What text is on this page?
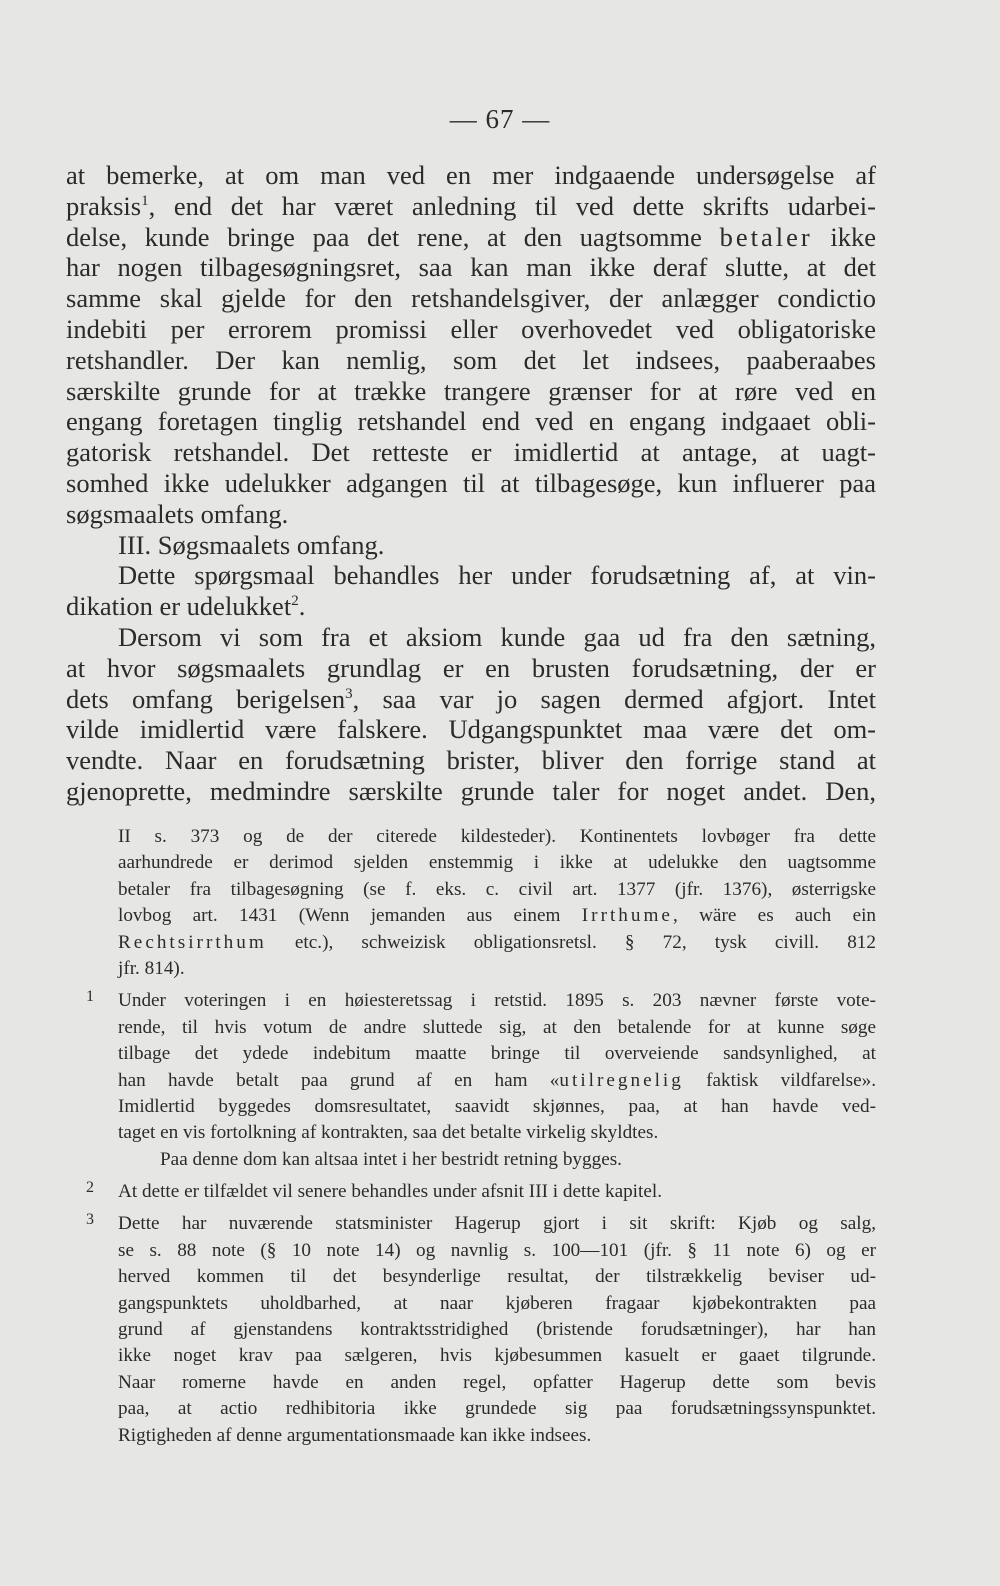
— 67 —
at bemerke, at om man ved en mer indgaaende undersøgelse af
praksis$^1$, end det har været anledning til ved dette skrifts udarbei-
delse, kunde bringe paa det rene, at den uagtsomme betaler ikke
har nogen tilbagesøgningsret, saa kan man ikke deraf slutte, at det
samme skal gjelde for den retshandelsgiver, der anlægger condictio
indebiti per errorem promissi eller overhovedet ved obligatoriske
retshandler. Der kan nemlig, som det let indsees, paaberaabes
særskilte grunde for at trække trangere grænser for at røre ved en
engang foretagen tinglig retshandel end ved en engang indgaaet obli-
gatorisk retshandel. Det retteste er imidlertid at antage, at uagt-
somhed ikke udelukker adgangen til at tilbagesøge, kun influerer paa
søgsmaalets omfang.
III. Søgsmaalets omfang.
Dette spørgsmaal behandles her under forudsætning af, at vin-
dikation er udelukket$^2$.
Dersom vi som fra et aksiom kunde gaa ud fra den sætning,
at hvor søgsmaalets grundlag er en brusten forudsætning, der er
dets omfang berigelsen$^3$, saa var jo sagen dermed afgjort. Intet
vilde imidlertid være falskere. Udgangspunktet maa være det om-
vendte. Naar en forudsætning brister, bliver den forrige stand at
gjenoprette, medmindre særskilte grunde taler for noget andet. Den,
II s. 373 og de der citerede kildesteder). Kontinentets lovbøger fra dette
aarhundrede er derimod sjelden enstemmig i ikke at udelukke den uagtsomme
betaler fra tilbagesøgning (se f. eks. c. civil art. 1377 (jfr. 1376), østerrigske
lovbog art. 1431 (Wenn jemanden aus einem Irrthume, wäre es auch ein
Rechtsirrthum etc.), schweizisk obligationsretsl. § 72, tysk civill. 812
jfr. 814).
1 Under voteringen i en høiesteretssag i retstid. 1895 s. 203 nævner første vote-
rende, til hvis votum de andre sluttede sig, at den betalende for at kunne søge
tilbage det ydede indebitum maatte bringe til overveiende sandsynlighed, at
han havde betalt paa grund af en ham «utilregnelig faktisk vildfarelse».
Imidlertid byggedes domsresultatet, saavidt skjønnes, paa, at han havde ved-
taget en vis fortolkning af kontrakten, saa det betalte virkelig skyldtes.
Paa denne dom kan altsaa intet i her bestridt retning bygges.
2 At dette er tilfældet vil senere behandles under afsnit III i dette kapitel.
3 Dette har nuværende statsminister Hagerup gjort i sit skrift: Kjøb og salg,
se s. 88 note (§ 10 note 14) og navnlig s. 100—101 (jfr. § 11 note 6) og er
herved kommen til det besynderlige resultat, der tilstrækkelig beviser ud-
gangspunktets uholdbarhed, at naar kjøberen fragaar kjøbekontrakten paa
grund af gjenstandens kontraktsstridighed (bristende forudsætninger), har han
ikke noget krav paa sælgeren, hvis kjøbesummen kasuelt er gaaet tilgrunde.
Naar romerne havde en anden regel, opfatter Hagerup dette som bevis
paa, at actio redhibitoria ikke grundede sig paa forudsætningssynspunktet.
Rigtigheden af denne argumentationsmaade kan ikke indsees.
